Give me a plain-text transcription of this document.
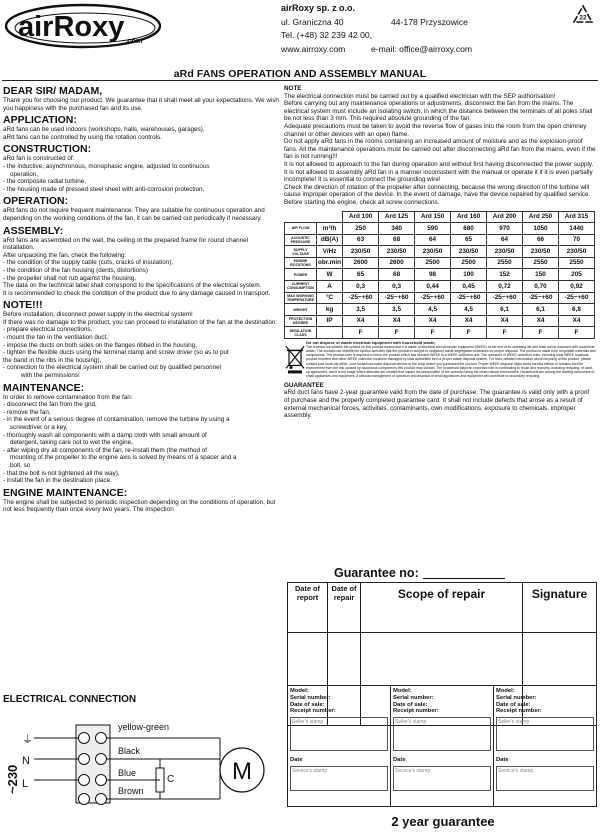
airRoxy .com
airRoxy sp. z o.o.
ul. Graniczna 40	44-178 Przyszowice
Tel. (+48) 32 239 42 00,
www.airroxy.com	e-mail: office@airroxy.com
22
aRd FANS OPERATION AND ASSEMBLY MANUAL
DEAR SIR/ MADAM,

Thank you for choosing our product. We guarantee that it shall meet all your expectations. We wish you happiness with the purchased fan and its use.

APPLICATION:

aRd fans can be used indoors (workshops, halls, warehouses, garages).

aRd fans can be controlled by using the rotation controls.

CONSTRUCTION:

aRd fan is constructed of:

- the inductive, asynchronous, monophasic engine, adjusted to continuous

operation,

- the composite radial turbine,

- the housing made of pressed steel sheet with anti-corrosion protection.

OPERATION:

aRd fans do not require frequent maintenance. They are suitable for continuous operation and depending on the working conditions of the fan, it can be carried out periodically if necessary.

ASSEMBLY:

aRd fans are assembled on the wall, the ceiling ot the prepared frame for round channel installation.

After unpacking the fan, check the following:

- the condition of the supply cable (cuts, cracks of insulation),

- the condition of the fan housing (dents, distortions)

- the propeller shall not rub against the housing.

The data on the technical label shall correspond to the specifications of the electrical system.

It is recommended to check the condition of the product due to any damage caused in transport.

NOTE!!!

Before installation, disconnect power supply in the electrical system!

If there was no damage to the product, you can proceed to installation of the fan at the destination:

- prepare electrical connections,

- mount the fan in the ventilation duct,

- impose the ducts on both sides on the flanges ribbed in the housing,

- tighten the flexible ducts using the terminal clamp and screw driver (so as to put

the band in the ribs in the housing),

- connection to the electrical system shall be carried out by qualified personnel

with the permissions!

MAINTENANCE:

In order to remove contamination from the fan:

- disconnect the fan from the grid,

- remove the fan,

- in the event of a serious degree of contamination, remove the turbine by using a

screwdriver or a key,

- thoroughly wash all components with a damp cloth with small amount of

detergent, taking care not to wet the engine,

- after wiping dry all components of the fan, re-install them (the method of

mounting of the propeller to the engine axis is solved by means of a spacer and a

bolt, so

- that the bolt is not tightened all the way),

- install the fan in the destination place.

ENGINE MAINTENANCE:

The engine shall be subjected to periodic inspection depending on the conditions of operation, but not less frequently than once every two years. The inspection

ELECTRICAL CONNECTION
~230
⏚
N
L
yellow-green
Black
Blue
Brown
C M

NOTE

The electrical connection must be carried out by a qualified electrician with the SEP authorisation!

Before carrying out any maintenance operations or adjustments, disconnect the fan from the mains. The electrical system must include an isolating switch, in which the distance between the terminals of all poles shall be not less than 3 mm. This required absolute grounding of the fan.

Adequate precautions must be taken to avoid the reverse flow of gases into the room from the open chimney channel or other devices with an open flame.

Do not apply aRd fans in the rooms containing an increased amount of moisture and as the explosion-proof fans. All the maintenance operations must be carried out after disconnecting aRd fan from the mains, even if the fan is not running!!!

It is not allowed to approach to the fan during operation and without first having disconnected the power supply. It is not allowed to assembly aRd fan in a manner inconsistent with the manual or operate it if it is even partially incomplete! It is essential to connect the grounding wire!

Check the direction of rotation of the propeller after connecting, because the wrong direction of the turbine will cause improper operation of the device. In the event of damage, have the device repaired by qualified service. Before starting the engine, check all screw connections.

		Ard 100	Ard 125	Ard 150	Ard 160	Ard 200	Ard 250	Ard 315
AIR FLOW	m³/h	250	340	590	680	970	1050	1440
ACOUSTIC PRESSURE	dB(A)	63	68	64	65	64	66	70
SUPPLY VOLTAGE	V/Hz	230/50	230/50	230/50	230/50	230/50	230/50	230/50
ENGINE ROTATIONS	obr.min	2600	2600	2500	2500	2550	2550	2550
POWER	W	65	68	98	100	152	150	205
CURRENT CONSUMPTION	A	0,3	0,3	0,44	0,45	0,72	0,70	0,92
MAX WORKING TEMPERATURE	°C	-25~+60	-25~+60	-25~+60	-25~+60	-25~+60	-25~+60	-25~+60
WEIGHT	kg	3,5	3,5	4,5	4,5	6,1	6,1	6,8
PROTECTION DEGREE	IP	X4	X4	X4	X4	X4	X4	X4
INSULATION CLASS		F	F	F	F	F	F	F
Do not dispose of waste electrical equipment with household waste.
The crossed-out wheelie bin symbol on this product means that it is waste of electrical and electronic equipment (WEEE) at the end of its operating life and shall not be disposed with household waste. The crossed-out wheelie bin symbol specifies that the product is subject to obligatory waste segregation schedules for proper disposal. The product is made from recyclable materials and components. The product user is required to return the product which has become WEEE to a WEEE collection unit. The operators of WEEE collection units, including local WEEE locations, product resellers and other WEEE collection locations managed by local authorities form a proper waste disposal system. For more detailed information about recycling of this product, please contact your local city office, your household waste disposal service or the shop where you purchased the product. Proper WEEE disposal helps avoid harmful effects to humans and the environment from the risk caused by hazardous components this product may contain. The household plays an important role in contributing to reuse and recovery, including recycling, of used-up appliances, and it is the stage where attitudes are created that impact the preservation of the common being the clean natural environment. Households are among the leading consumers of small appliances and equipment. A rational management of operation and disposal of small appliances and equipment will contribute to secondary recycling.

GUARANTEE

aRd duct fans have 2-year guarantee valid from the date of purchase. The guarantee is valid only with a proof of purchase and the properly completed guarantee card. It shall not include defects that arose as a result of external mechanical forces, activities, contaminants, own modifications, exposure to chemicals, improper assembly.

Guarantee no:
Date of report	Date of repair	Scope of repair	Signature

Model:
Serial number:
Date of sale:
Receipt number:
Seller's stamp
Date
Service's stamp
Model:
Serial number:
Date of sale:
Receipt number:
Seller's stamp
Date
Service's stamp
Model:
Serial number:
Date of sale:
Receipt number:
Seller's stamp
Date
Service's stamp
2 year guarantee
